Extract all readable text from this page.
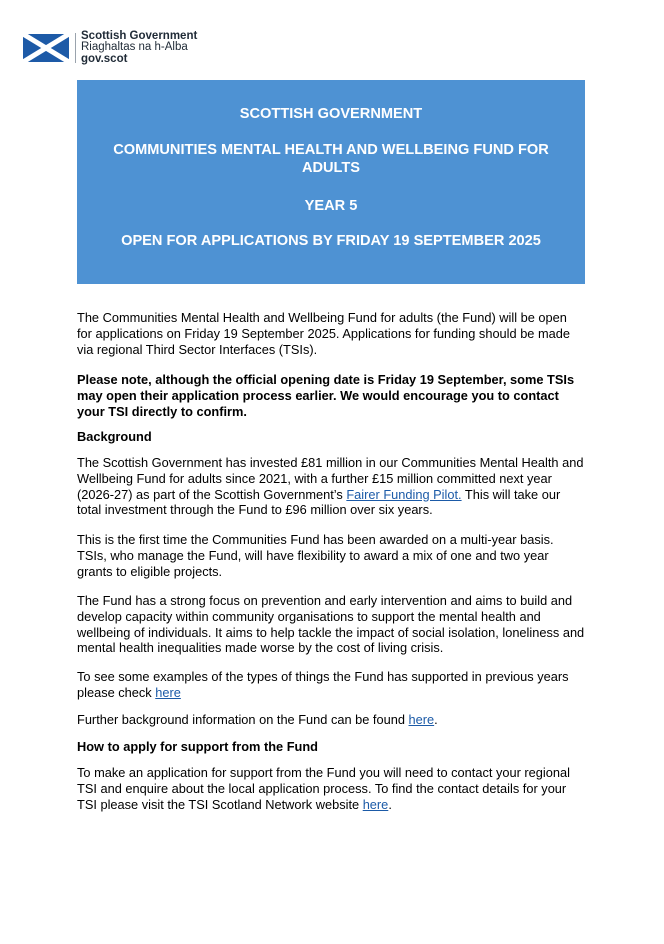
Scottish Government
Riaghaltas na h-Alba
gov.scot
SCOTTISH GOVERNMENT
COMMUNITIES MENTAL HEALTH AND WELLBEING FUND FOR ADULTS
YEAR 5
OPEN FOR APPLICATIONS BY FRIDAY 19 SEPTEMBER 2025

The Communities Mental Health and Wellbeing Fund for adults (the Fund) will be open for applications on Friday 19 September 2025. Applications for funding should be made via regional Third Sector Interfaces (TSIs).

Please note, although the official opening date is Friday 19 September, some TSIs may open their application process earlier. We would encourage you to contact your TSI directly to confirm.

Background

The Scottish Government has invested £81 million in our Communities Mental Health and Wellbeing Fund for adults since 2021, with a further £15 million committed next year (2026-27) as part of the Scottish Government’s Fairer Funding Pilot. This will take our total investment through the Fund to £96 million over six years.

This is the first time the Communities Fund has been awarded on a multi-year basis. TSIs, who manage the Fund, will have flexibility to award a mix of one and two year grants to eligible projects.

The Fund has a strong focus on prevention and early intervention and aims to build and develop capacity within community organisations to support the mental health and wellbeing of individuals. It aims to help tackle the impact of social isolation, loneliness and mental health inequalities made worse by the cost of living crisis.

To see some examples of the types of things the Fund has supported in previous years please check here

Further background information on the Fund can be found here.

How to apply for support from the Fund

To make an application for support from the Fund you will need to contact your regional TSI and enquire about the local application process. To find the contact details for your TSI please visit the TSI Scotland Network website here.
